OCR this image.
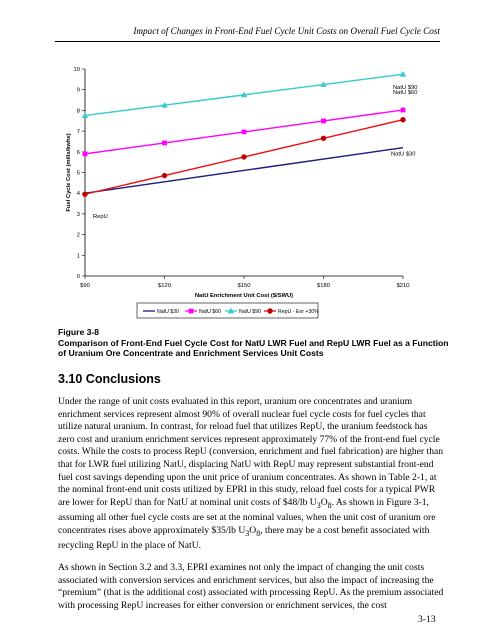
Impact of Changes in Front-End Fuel Cycle Unit Costs on Overall Fuel Cycle Cost
0
1
2
3
4
5
6
7
8
9
10
$90	$120	$150	$180	$210
NatU Enrichment Unit Cost ($/SWU)
Fuel Cycle Cost (mills/kwhe)
NatU $90
NatU $60
NatU $30
RepU
NatU $30	NatU $60	NatU $90	RepU - Enr +30%
Figure 3-8
Comparison of Front-End Fuel Cycle Cost for NatU LWR Fuel and RepU LWR Fuel as a Function of Uranium Ore Concentrate and Enrichment Services Unit Costs
3.10 Conclusions
Under the range of unit costs evaluated in this report, uranium ore concentrates and uranium enrichment services represent almost 90% of overall nuclear fuel cycle costs for fuel cycles that utilize natural uranium. In contrast, for reload fuel that utilizes RepU, the uranium feedstock has zero cost and uranium enrichment services represent approximately 77% of the front-end fuel cycle costs. While the costs to process RepU (conversion, enrichment and fuel fabrication) are higher than that for LWR fuel utilizing NatU, displacing NatU with RepU may represent substantial front-end fuel cost savings depending upon the unit price of uranium concentrates. As shown in Table 2-1, at the nominal front-end unit costs utilized by EPRI in this study, reload fuel costs for a typical PWR are lower for RepU than for NatU at nominal unit costs of $48/lb $U_3O_8$. As shown in Figure 3-1, assuming all other fuel cycle costs are set at the nominal values, when the unit cost of uranium ore concentrates rises above approximately $35/lb $U_3O_8$, there may be a cost benefit associated with recycling RepU in the place of NatU.
As shown in Section 3.2 and 3.3, EPRI examines not only the impact of changing the unit costs associated with conversion services and enrichment services, but also the impact of increasing the “premium” (that is the additional cost) associated with processing RepU. As the premium associated with processing RepU increases for either conversion or enrichment services, the cost
3-13
